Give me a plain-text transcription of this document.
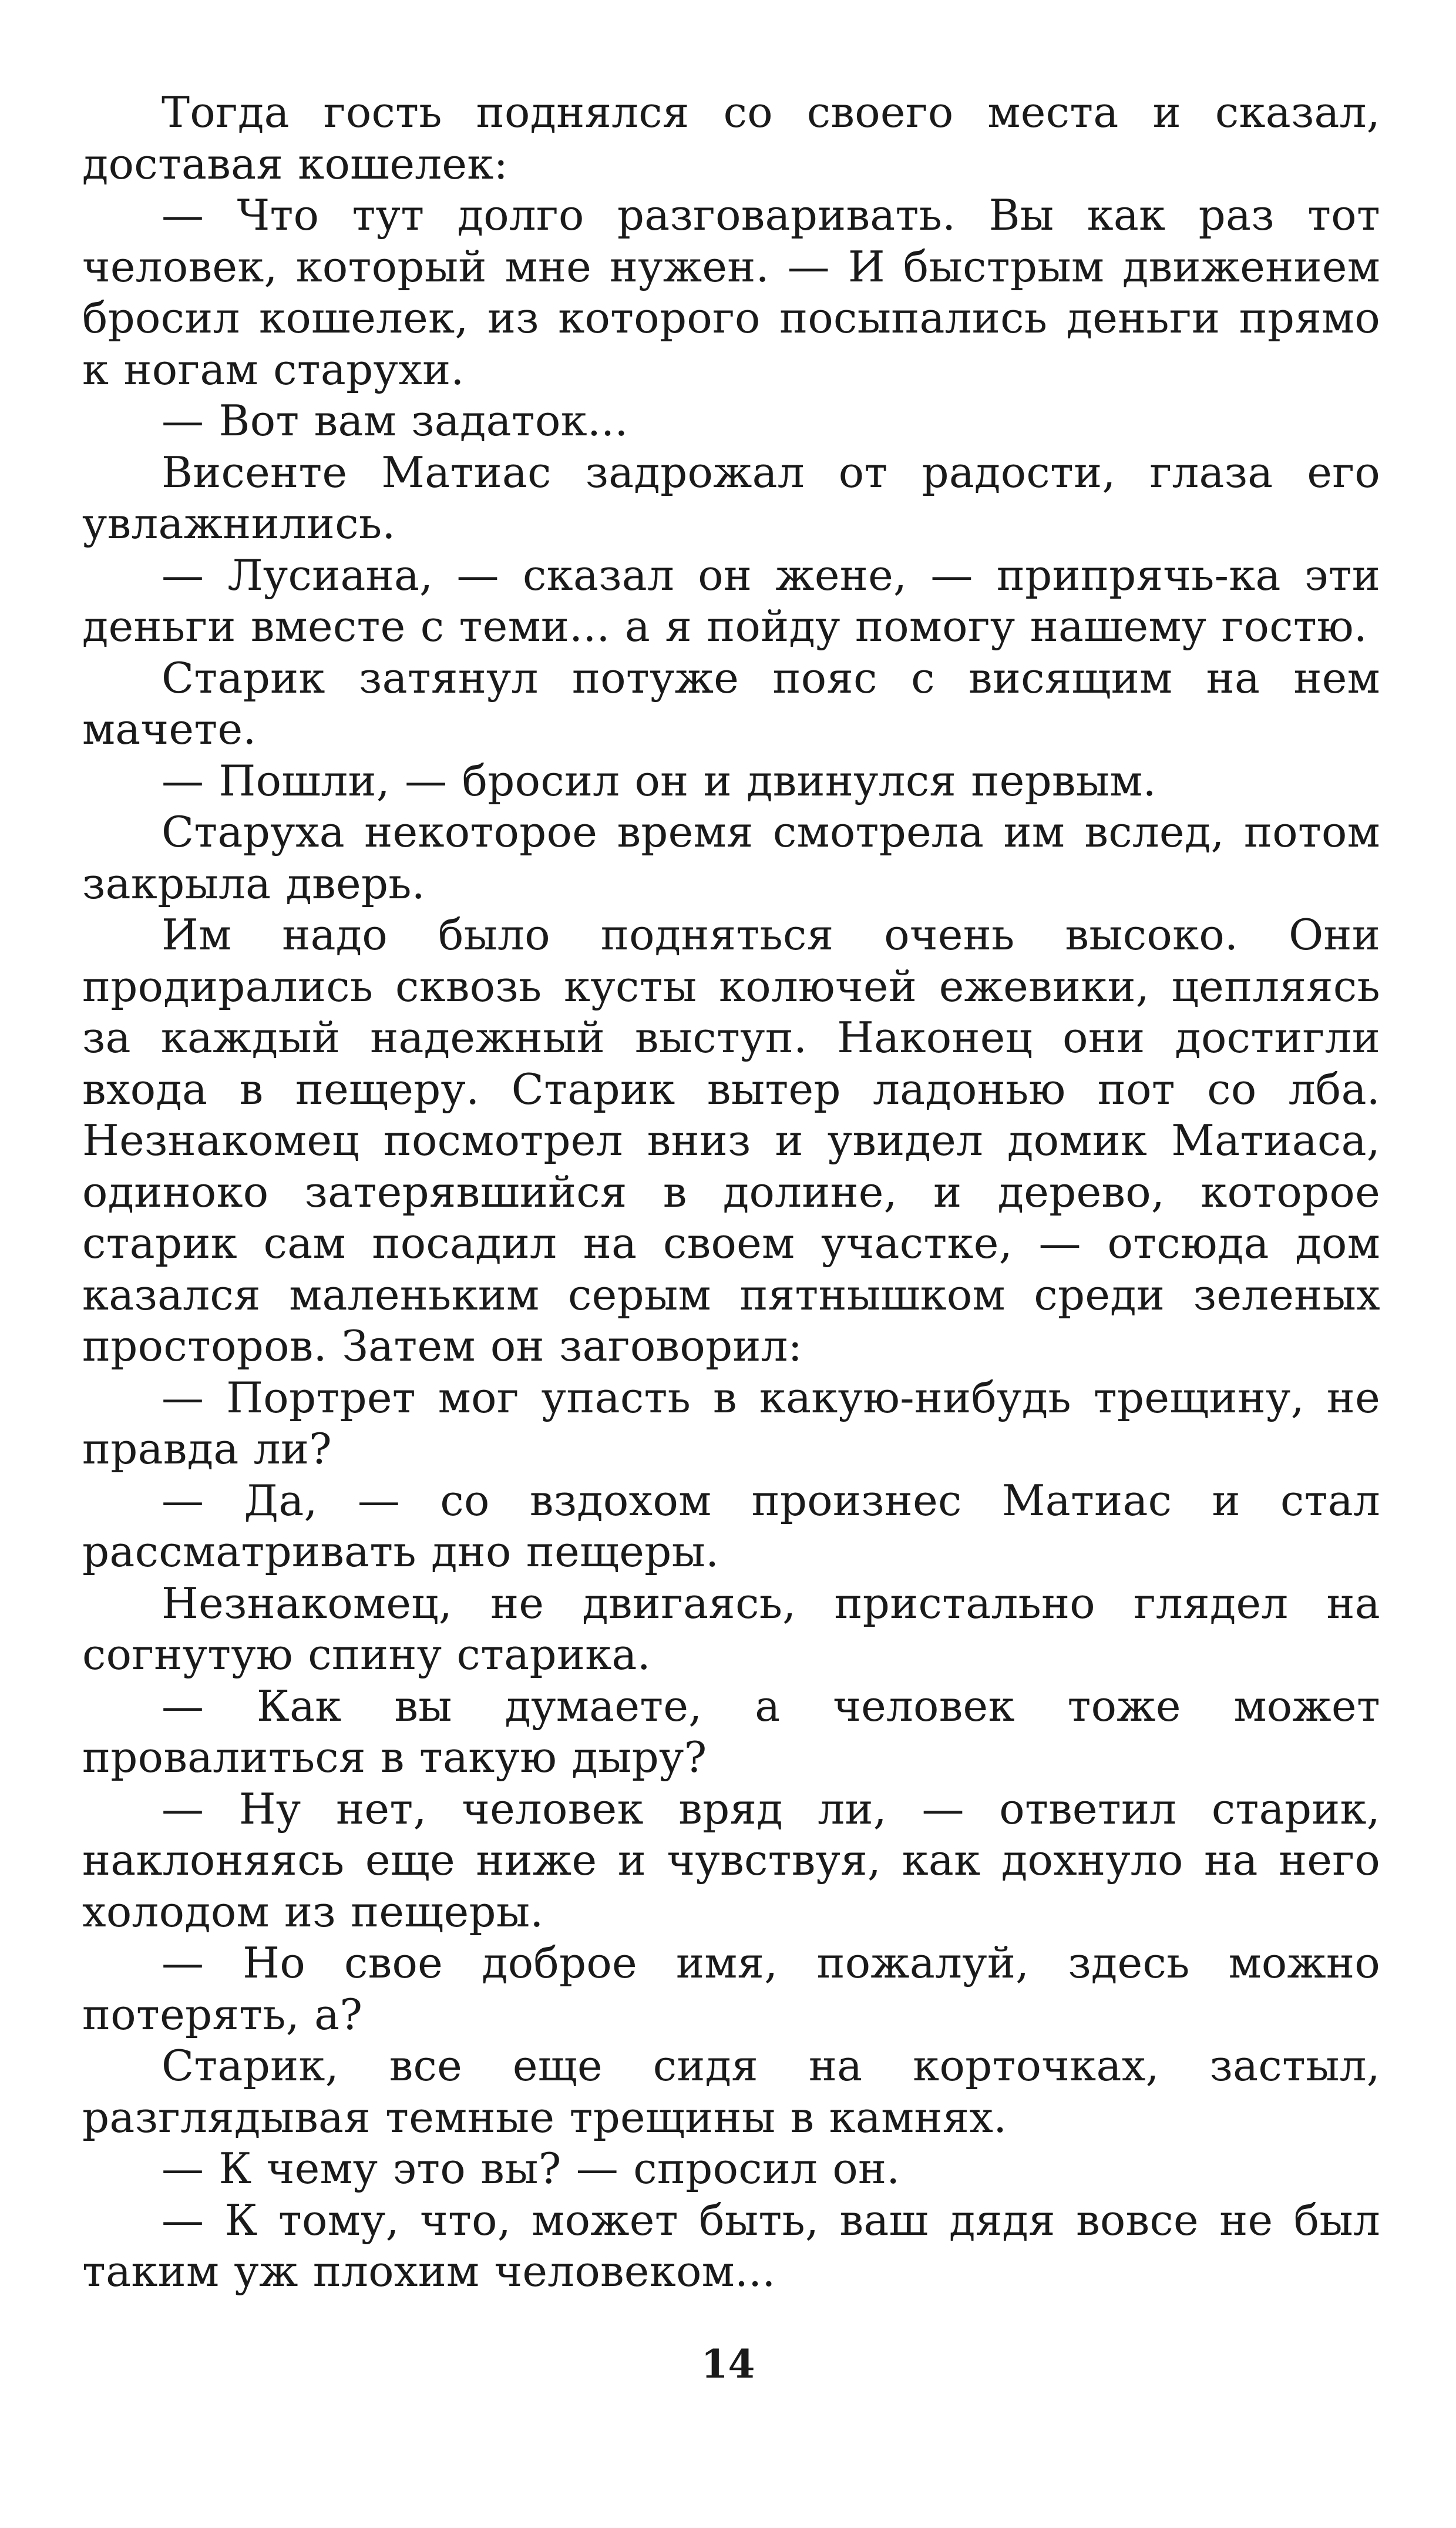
Тогда гость поднялся со своего места и сказал, доставая кошелек:

— Что тут долго разговаривать. Вы как раз тот человек, который мне нужен. — И быстрым движением бросил кошелек, из которого посыпались деньги прямо к ногам старухи.

— Вот вам задаток...

Висенте Матиас задрожал от радости, глаза его увлажнились.

— Лусиана, — сказал он жене, — припрячь-ка эти деньги вместе с теми... а я пойду помогу нашему гостю.

Старик затянул потуже пояс с висящим на нем мачете.

— Пошли, — бросил он и двинулся первым.

Старуха некоторое время смотрела им вслед, потом закрыла дверь.

Им надо было подняться очень высоко. Они продирались сквозь кусты колючей ежевики, цепляясь за каждый надежный выступ. Наконец они достигли входа в пещеру. Старик вытер ладонью пот со лба. Незнакомец посмотрел вниз и увидел домик Матиаса, одиноко затерявшийся в долине, и дерево, которое старик сам посадил на своем участке, — отсюда дом казался маленьким серым пятнышком среди зеленых просторов. Затем он заговорил:

— Портрет мог упасть в какую-нибудь трещину, не правда ли?

— Да, — со вздохом произнес Матиас и стал рассматривать дно пещеры.

Незнакомец, не двигаясь, пристально глядел на согнутую спину старика.

— Как вы думаете, а человек тоже может провалиться в такую дыру?

— Ну нет, человек вряд ли, — ответил старик, наклоняясь еще ниже и чувствуя, как дохнуло на него холодом из пещеры.

— Но свое доброе имя, пожалуй, здесь можно потерять, а?

Старик, все еще сидя на корточках, застыл, разглядывая темные трещины в камнях.

— К чему это вы? — спросил он.

— К тому, что, может быть, ваш дядя вовсе не был таким уж плохим человеком...

14
